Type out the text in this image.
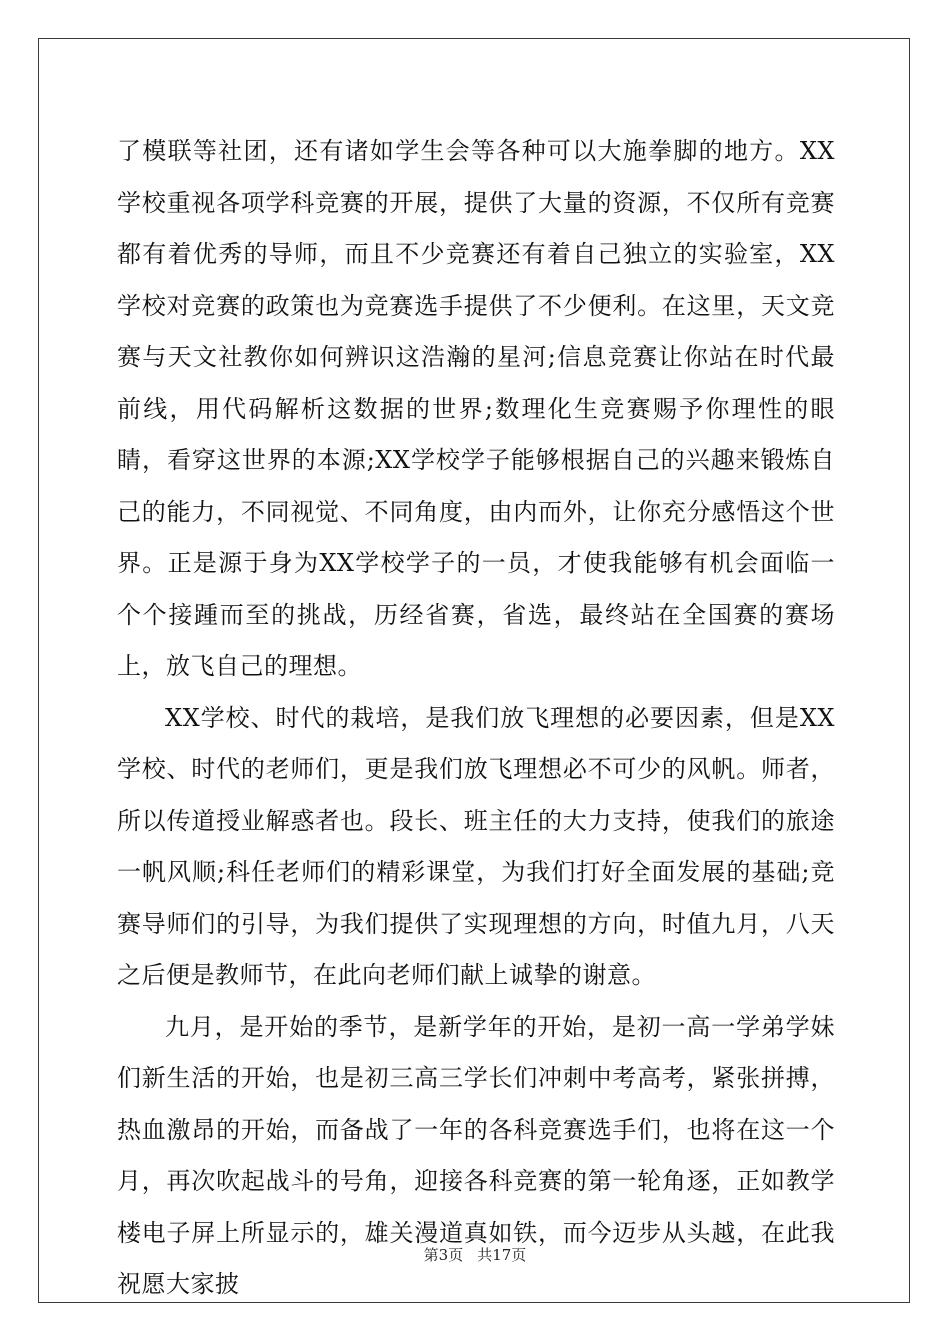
了模联等社团，还有诸如学生会等各种可以大施拳脚的地方。XX学校重视各项学科竞赛的开展，提供了大量的资源，不仅所有竞赛都有着优秀的导师，而且不少竞赛还有着自己独立的实验室，XX学校对竞赛的政策也为竞赛选手提供了不少便利。在这里，天文竞赛与天文社教你如何辨识这浩瀚的星河;信息竞赛让你站在时代最前线，用代码解析这数据的世界;数理化生竞赛赐予你理性的眼睛，看穿这世界的本源;XX学校学子能够根据自己的兴趣来锻炼自己的能力，不同视觉、不同角度，由内而外，让你充分感悟这个世界。正是源于身为XX学校学子的一员，才使我能够有机会面临一个个接踵而至的挑战，历经省赛，省选，最终站在全国赛的赛场上，放飞自己的理想。

XX学校、时代的栽培，是我们放飞理想的必要因素，但是XX学校、时代的老师们，更是我们放飞理想必不可少的风帆。师者，所以传道授业解惑者也。段长、班主任的大力支持，使我们的旅途一帆风顺;科任老师们的精彩课堂，为我们打好全面发展的基础;竞赛导师们的引导，为我们提供了实现理想的方向，时值九月，八天之后便是教师节，在此向老师们献上诚挚的谢意。

九月，是开始的季节，是新学年的开始，是初一高一学弟学妹们新生活的开始，也是初三高三学长们冲刺中考高考，紧张拼搏，热血激昂的开始，而备战了一年的各科竞赛选手们，也将在这一个月，再次吹起战斗的号角，迎接各科竞赛的第一轮角逐，正如教学楼电子屏上所显示的，雄关漫道真如铁，而今迈步从头越，在此我祝愿大家披

第3页 共17页
